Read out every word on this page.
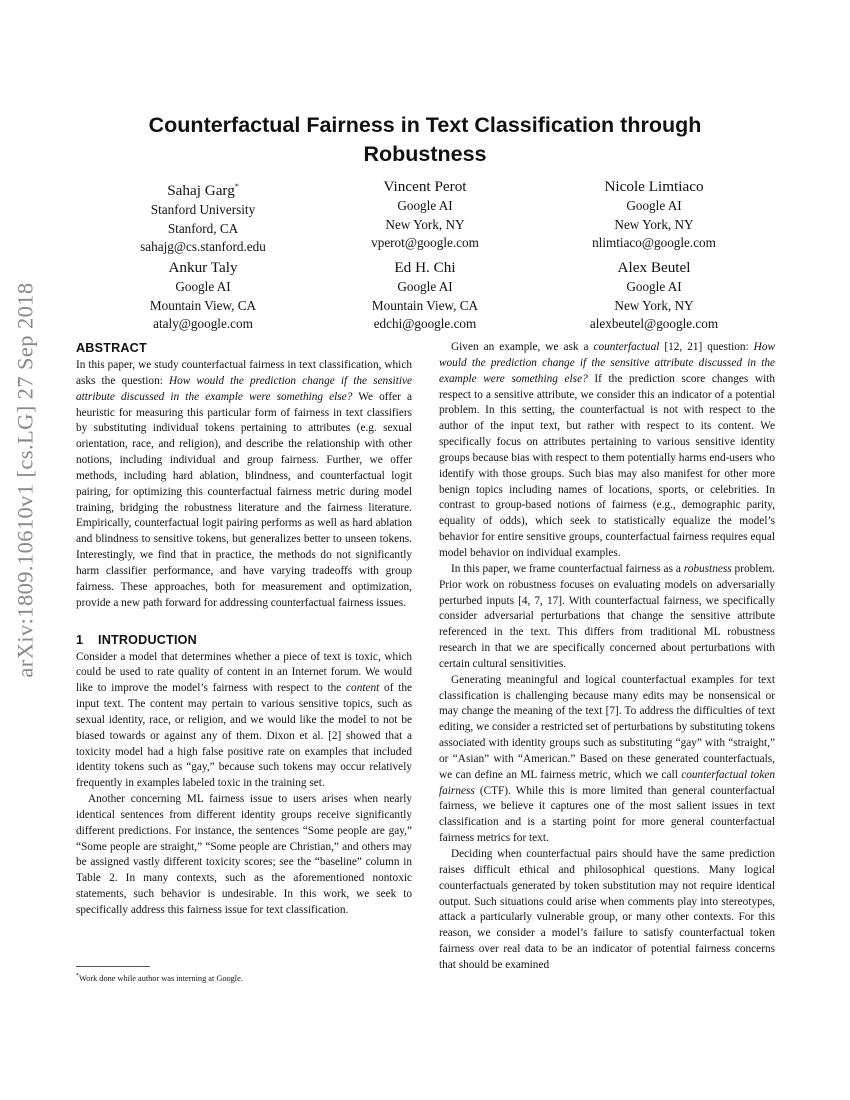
arXiv:1809.10610v1 [cs.LG] 27 Sep 2018
Counterfactual Fairness in Text Classification through Robustness
Sahaj Garg*
Stanford University
Stanford, CA
sahajg@cs.stanford.edu
Vincent Perot
Google AI
New York, NY
vperot@google.com
Nicole Limtiaco
Google AI
New York, NY
nlimtiaco@google.com
Ankur Taly
Google AI
Mountain View, CA
ataly@google.com
Ed H. Chi
Google AI
Mountain View, CA
edchi@google.com
Alex Beutel
Google AI
New York, NY
alexbeutel@google.com
ABSTRACT

In this paper, we study counterfactual fairness in text classification, which asks the question: How would the prediction change if the sensitive attribute discussed in the example were something else? We offer a heuristic for measuring this particular form of fairness in text classifiers by substituting individual tokens pertaining to attributes (e.g. sexual orientation, race, and religion), and describe the relationship with other notions, including individual and group fairness. Further, we offer methods, including hard ablation, blindness, and counterfactual logit pairing, for optimizing this counterfactual fairness metric during model training, bridging the robustness literature and the fairness literature. Empirically, counterfactual logit pairing performs as well as hard ablation and blindness to sensitive tokens, but generalizes better to unseen tokens. Interestingly, we find that in practice, the methods do not significantly harm classifier performance, and have varying tradeoffs with group fairness. These approaches, both for measurement and optimization, provide a new path forward for addressing counterfactual fairness issues.

1 INTRODUCTION

Consider a model that determines whether a piece of text is toxic, which could be used to rate quality of content in an Internet forum. We would like to improve the model’s fairness with respect to the content of the input text. The content may pertain to various sensitive topics, such as sexual identity, race, or religion, and we would like the model to not be biased towards or against any of them. Dixon et al. [2] showed that a toxicity model had a high false positive rate on examples that included identity tokens such as “gay,” because such tokens may occur relatively frequently in examples labeled toxic in the training set.

Another concerning ML fairness issue to users arises when nearly identical sentences from different identity groups receive significantly different predictions. For instance, the sentences “Some people are gay,” “Some people are straight,” “Some people are Christian,” and others may be assigned vastly different toxicity scores; see the “baseline” column in Table 2. In many contexts, such as the aforementioned nontoxic statements, such behavior is undesirable. In this work, we seek to specifically address this fairness issue for text classification.

*Work done while author was interning at Google.

Given an example, we ask a counterfactual [12, 21] question: How would the prediction change if the sensitive attribute discussed in the example were something else? If the prediction score changes with respect to a sensitive attribute, we consider this an indicator of a potential problem. In this setting, the counterfactual is not with respect to the author of the input text, but rather with respect to its content. We specifically focus on attributes pertaining to various sensitive identity groups because bias with respect to them potentially harms end-users who identify with those groups. Such bias may also manifest for other more benign topics including names of locations, sports, or celebrities. In contrast to group-based notions of fairness (e.g., demographic parity, equality of odds), which seek to statistically equalize the model’s behavior for entire sensitive groups, counterfactual fairness requires equal model behavior on individual examples.

In this paper, we frame counterfactual fairness as a robustness problem. Prior work on robustness focuses on evaluating models on adversarially perturbed inputs [4, 7, 17]. With counterfactual fairness, we specifically consider adversarial perturbations that change the sensitive attribute referenced in the text. This differs from traditional ML robustness research in that we are specifically concerned about perturbations with certain cultural sensitivities.

Generating meaningful and logical counterfactual examples for text classification is challenging because many edits may be nonsensical or may change the meaning of the text [7]. To address the difficulties of text editing, we consider a restricted set of perturbations by substituting tokens associated with identity groups such as substituting “gay” with “straight,” or “Asian” with “American.” Based on these generated counterfactuals, we can define an ML fairness metric, which we call counterfactual token fairness (CTF). While this is more limited than general counterfactual fairness, we believe it captures one of the most salient issues in text classification and is a starting point for more general counterfactual fairness metrics for text.

Deciding when counterfactual pairs should have the same prediction raises difficult ethical and philosophical questions. Many logical counterfactuals generated by token substitution may not require identical output. Such situations could arise when comments play into stereotypes, attack a particularly vulnerable group, or many other contexts. For this reason, we consider a model’s failure to satisfy counterfactual token fairness over real data to be an indicator of potential fairness concerns that should be examined
